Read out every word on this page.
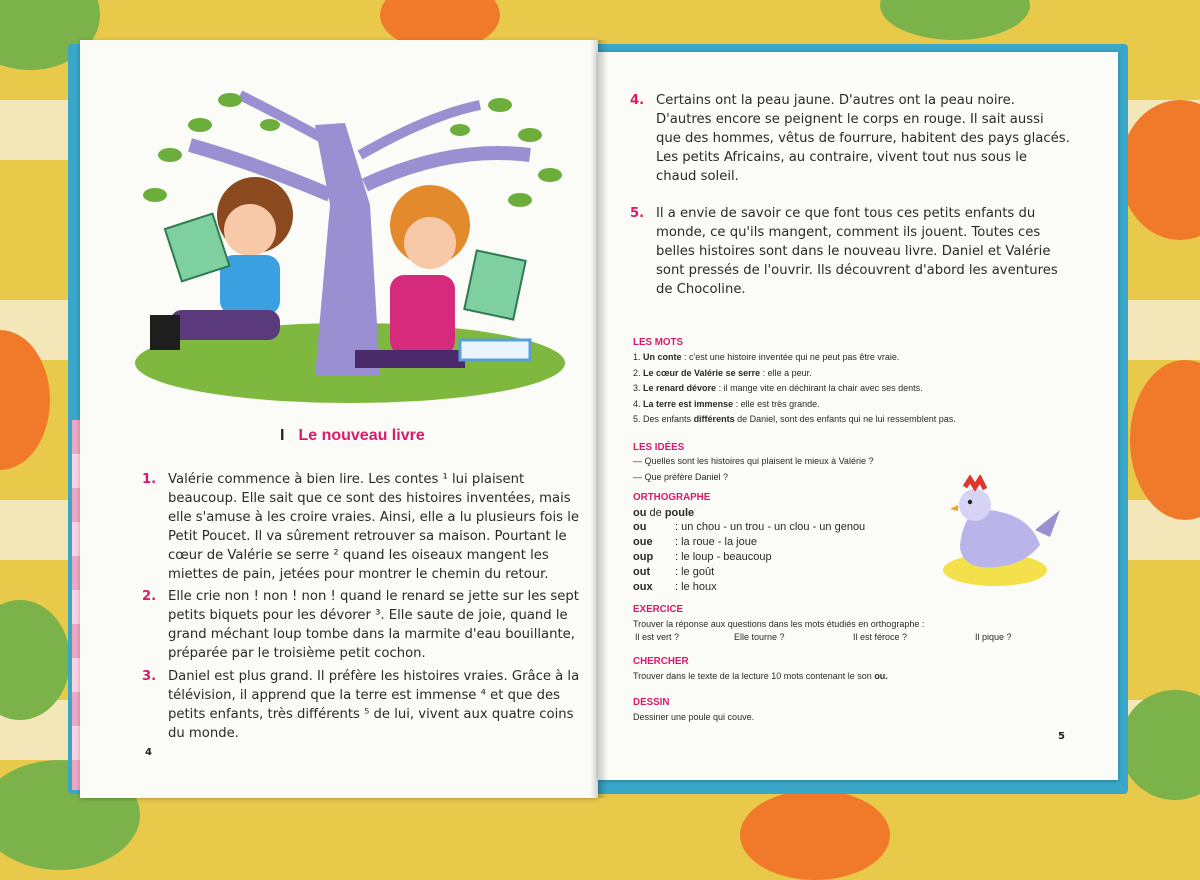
I Le nouveau livre
1. Valérie commence à bien lire. Les contes ¹ lui plaisent beaucoup. Elle sait que ce sont des histoires inventées, mais elle s'amuse à les croire vraies. Ainsi, elle a lu plusieurs fois le Petit Poucet. Il va sûrement retrouver sa maison. Pourtant le cœur de Valérie se serre ² quand les oiseaux mangent les miettes de pain, jetées pour montrer le chemin du retour.
2. Elle crie non ! non ! non ! quand le renard se jette sur les sept petits biquets pour les dévorer ³. Elle saute de joie, quand le grand méchant loup tombe dans la marmite d'eau bouillante, préparée par le troisième petit cochon.
3. Daniel est plus grand. Il préfère les histoires vraies. Grâce à la télévision, il apprend que la terre est immense ⁴ et que des petits enfants, très différents ⁵ de lui, vivent aux quatre coins du monde.
4
4. Certains ont la peau jaune. D'autres ont la peau noire. D'autres encore se peignent le corps en rouge. Il sait aussi que des hommes, vêtus de fourrure, habitent des pays glacés. Les petits Africains, au contraire, vivent tout nus sous le chaud soleil.
5. Il a envie de savoir ce que font tous ces petits enfants du monde, ce qu'ils mangent, comment ils jouent. Toutes ces belles histoires sont dans le nouveau livre. Daniel et Valérie sont pressés de l'ouvrir. Ils découvrent d'abord les aventures de Chocoline.
LES MOTS
1. Un conte : c'est une histoire inventée qui ne peut pas être vraie.
2. Le cœur de Valérie se serre : elle a peur.
3. Le renard dévore : il mange vite en déchirant la chair avec ses dents.
4. La terre est immense : elle est très grande.
5. Des enfants différents de Daniel, sont des enfants qui ne lui ressemblent pas.
LES IDÉES
— Quelles sont les histoires qui plaisent le mieux à Valérie ?
— Que préfère Daniel ?
ORTHOGRAPHE
ou de poule
ou	: un chou - un trou - un clou - un genou
oue : la roue - la joue
oup : le loup - beaucoup
out : le goût
oux : le houx
EXERCICE
Trouver la réponse aux questions dans les mots étudiés en orthographe :
Il est vert ?	Elle tourne ?	Il est féroce ?	Il pique ?
CHERCHER
Trouver dans le texte de la lecture 10 mots contenant le son ou.
DESSIN
Dessiner une poule qui couve.
5
